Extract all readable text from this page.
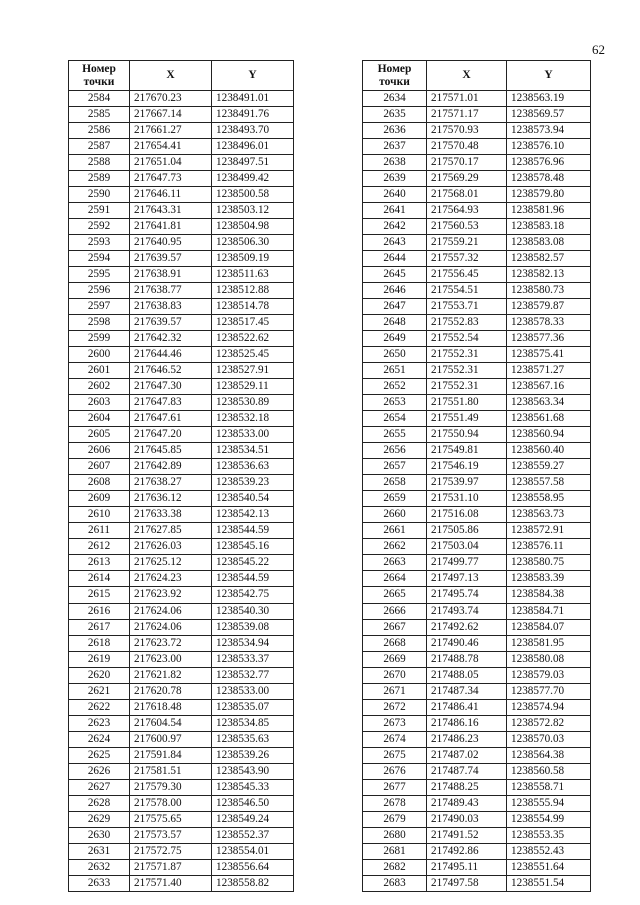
62
Номер точки	X	Y
2584	217670.23	1238491.01
2585	217667.14	1238491.76
2586	217661.27	1238493.70
2587	217654.41	1238496.01
2588	217651.04	1238497.51
2589	217647.73	1238499.42
2590	217646.11	1238500.58
2591	217643.31	1238503.12
2592	217641.81	1238504.98
2593	217640.95	1238506.30
2594	217639.57	1238509.19
2595	217638.91	1238511.63
2596	217638.77	1238512.88
2597	217638.83	1238514.78
2598	217639.57	1238517.45
2599	217642.32	1238522.62
2600	217644.46	1238525.45
2601	217646.52	1238527.91
2602	217647.30	1238529.11
2603	217647.83	1238530.89
2604	217647.61	1238532.18
2605	217647.20	1238533.00
2606	217645.85	1238534.51
2607	217642.89	1238536.63
2608	217638.27	1238539.23
2609	217636.12	1238540.54
2610	217633.38	1238542.13
2611	217627.85	1238544.59
2612	217626.03	1238545.16
2613	217625.12	1238545.22
2614	217624.23	1238544.59
2615	217623.92	1238542.75
2616	217624.06	1238540.30
2617	217624.06	1238539.08
2618	217623.72	1238534.94
2619	217623.00	1238533.37
2620	217621.82	1238532.77
2621	217620.78	1238533.00
2622	217618.48	1238535.07
2623	217604.54	1238534.85
2624	217600.97	1238535.63
2625	217591.84	1238539.26
2626	217581.51	1238543.90
2627	217579.30	1238545.33
2628	217578.00	1238546.50
2629	217575.65	1238549.24
2630	217573.57	1238552.37
2631	217572.75	1238554.01
2632	217571.87	1238556.64
2633	217571.40	1238558.82
Номер точки	X	Y
2634	217571.01	1238563.19
2635	217571.17	1238569.57
2636	217570.93	1238573.94
2637	217570.48	1238576.10
2638	217570.17	1238576.96
2639	217569.29	1238578.48
2640	217568.01	1238579.80
2641	217564.93	1238581.96
2642	217560.53	1238583.18
2643	217559.21	1238583.08
2644	217557.32	1238582.57
2645	217556.45	1238582.13
2646	217554.51	1238580.73
2647	217553.71	1238579.87
2648	217552.83	1238578.33
2649	217552.54	1238577.36
2650	217552.31	1238575.41
2651	217552.31	1238571.27
2652	217552.31	1238567.16
2653	217551.80	1238563.34
2654	217551.49	1238561.68
2655	217550.94	1238560.94
2656	217549.81	1238560.40
2657	217546.19	1238559.27
2658	217539.97	1238557.58
2659	217531.10	1238558.95
2660	217516.08	1238563.73
2661	217505.86	1238572.91
2662	217503.04	1238576.11
2663	217499.77	1238580.75
2664	217497.13	1238583.39
2665	217495.74	1238584.38
2666	217493.74	1238584.71
2667	217492.62	1238584.07
2668	217490.46	1238581.95
2669	217488.78	1238580.08
2670	217488.05	1238579.03
2671	217487.34	1238577.70
2672	217486.41	1238574.94
2673	217486.16	1238572.82
2674	217486.23	1238570.03
2675	217487.02	1238564.38
2676	217487.74	1238560.58
2677	217488.25	1238558.71
2678	217489.43	1238555.94
2679	217490.03	1238554.99
2680	217491.52	1238553.35
2681	217492.86	1238552.43
2682	217495.11	1238551.64
2683	217497.58	1238551.54
